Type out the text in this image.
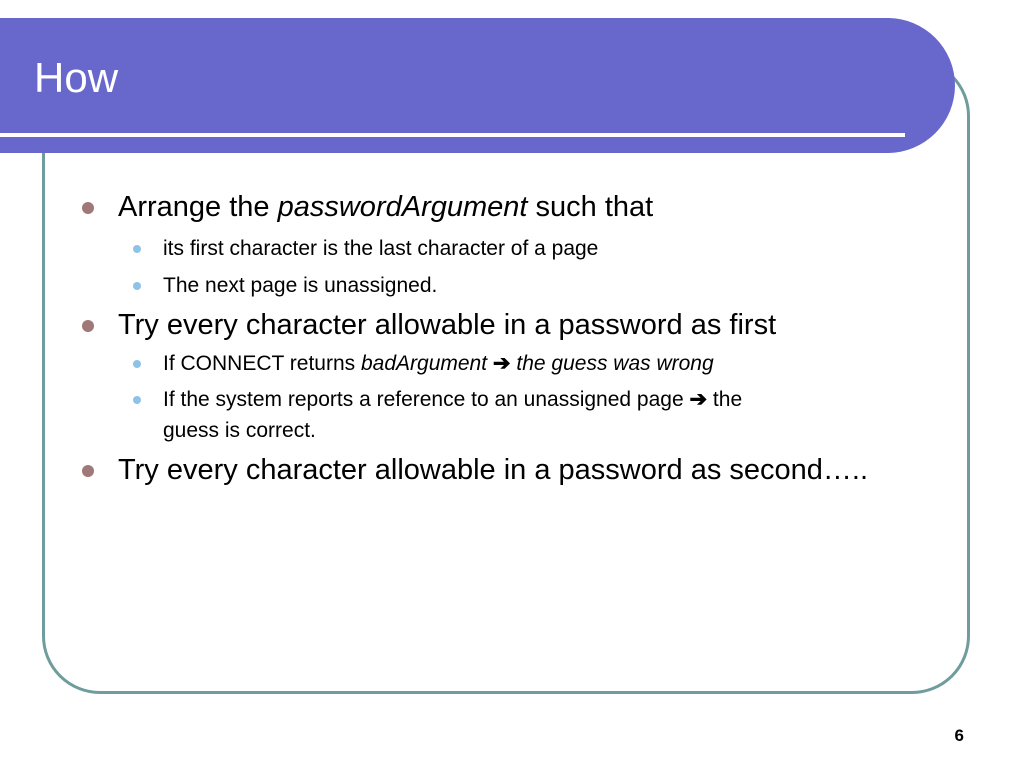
How
Arrange the passwordArgument such that
its first character is the last character of a page
The next page is unassigned.
Try every character allowable in a password as first
If CONNECT returns badArgument ➔ the guess was wrong
If the system reports a reference to an unassigned page ➔ the
guess is correct.
Try every character allowable in a password as second…..
6
